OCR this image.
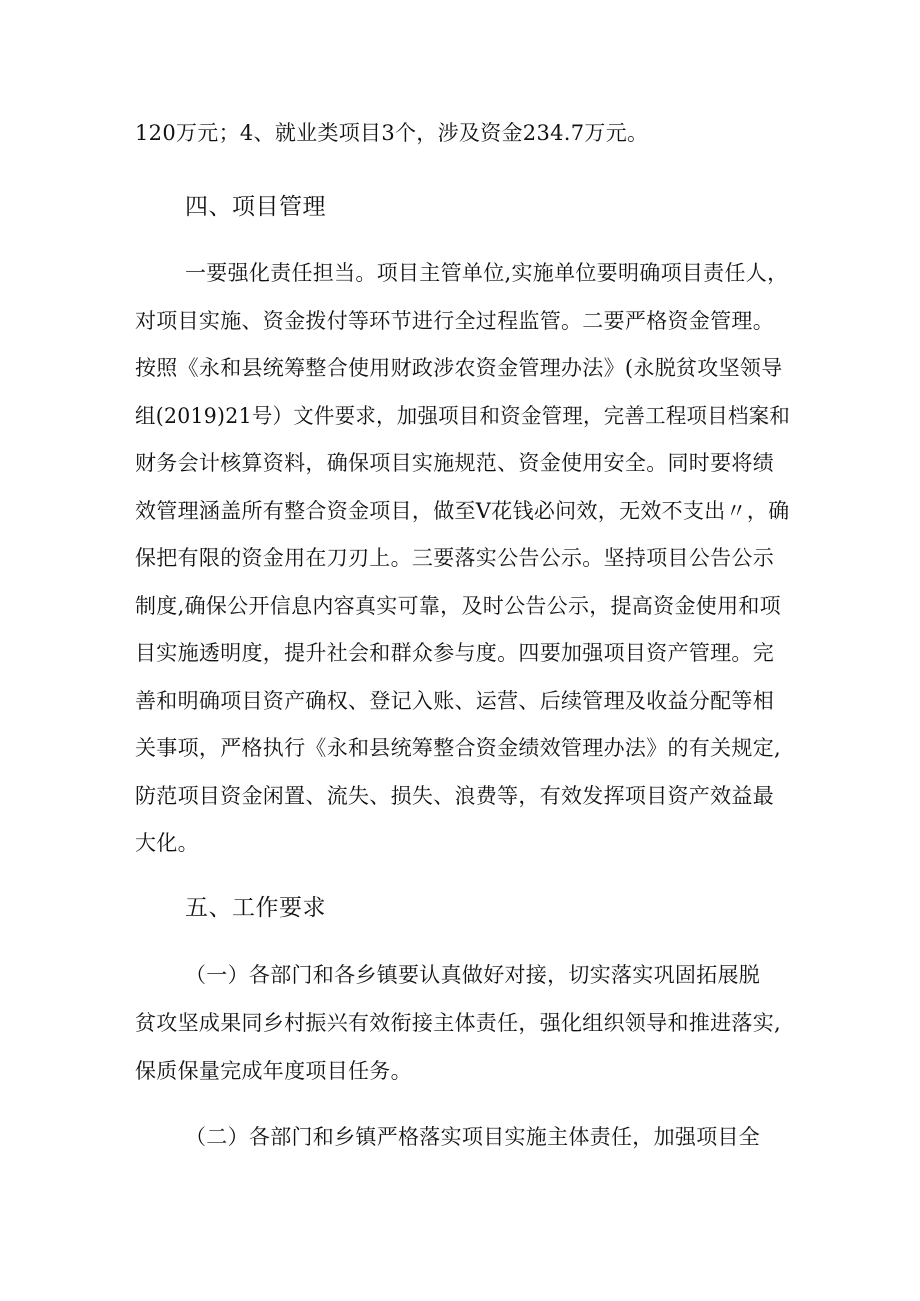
120万元；4、就业类项目3个，涉及资金234.7万元。
四、项目管理
一要强化责任担当。项目主管单位,实施单位要明确项目责任人，
对项目实施、资金拨付等环节进行全过程监管。二要严格资金管理。
按照《永和县统筹整合使用财政涉农资金管理办法》(永脱贫攻坚领导
组(2019)21号）文件要求，加强项目和资金管理，完善工程项目档案和
财务会计核算资料，确保项目实施规范、资金使用安全。同时要将绩
效管理涵盖所有整合资金项目，做至V花钱必问效，无效不支出〃，确
保把有限的资金用在刀刃上。三要落实公告公示。坚持项目公告公示
制度,确保公开信息内容真实可靠，及时公告公示，提高资金使用和项
目实施透明度，提升社会和群众参与度。四要加强项目资产管理。完
善和明确项目资产确权、登记入账、运营、后续管理及收益分配等相
关事项，严格执行《永和县统筹整合资金绩效管理办法》的有关规定,
防范项目资金闲置、流失、损失、浪费等，有效发挥项目资产效益最
大化。
五、工作要求
（一）各部门和各乡镇要认真做好对接，切实落实巩固拓展脱
贫攻坚成果同乡村振兴有效衔接主体责任，强化组织领导和推进落实,
保质保量完成年度项目任务。
（二）各部门和乡镇严格落实项目实施主体责任，加强项目全
